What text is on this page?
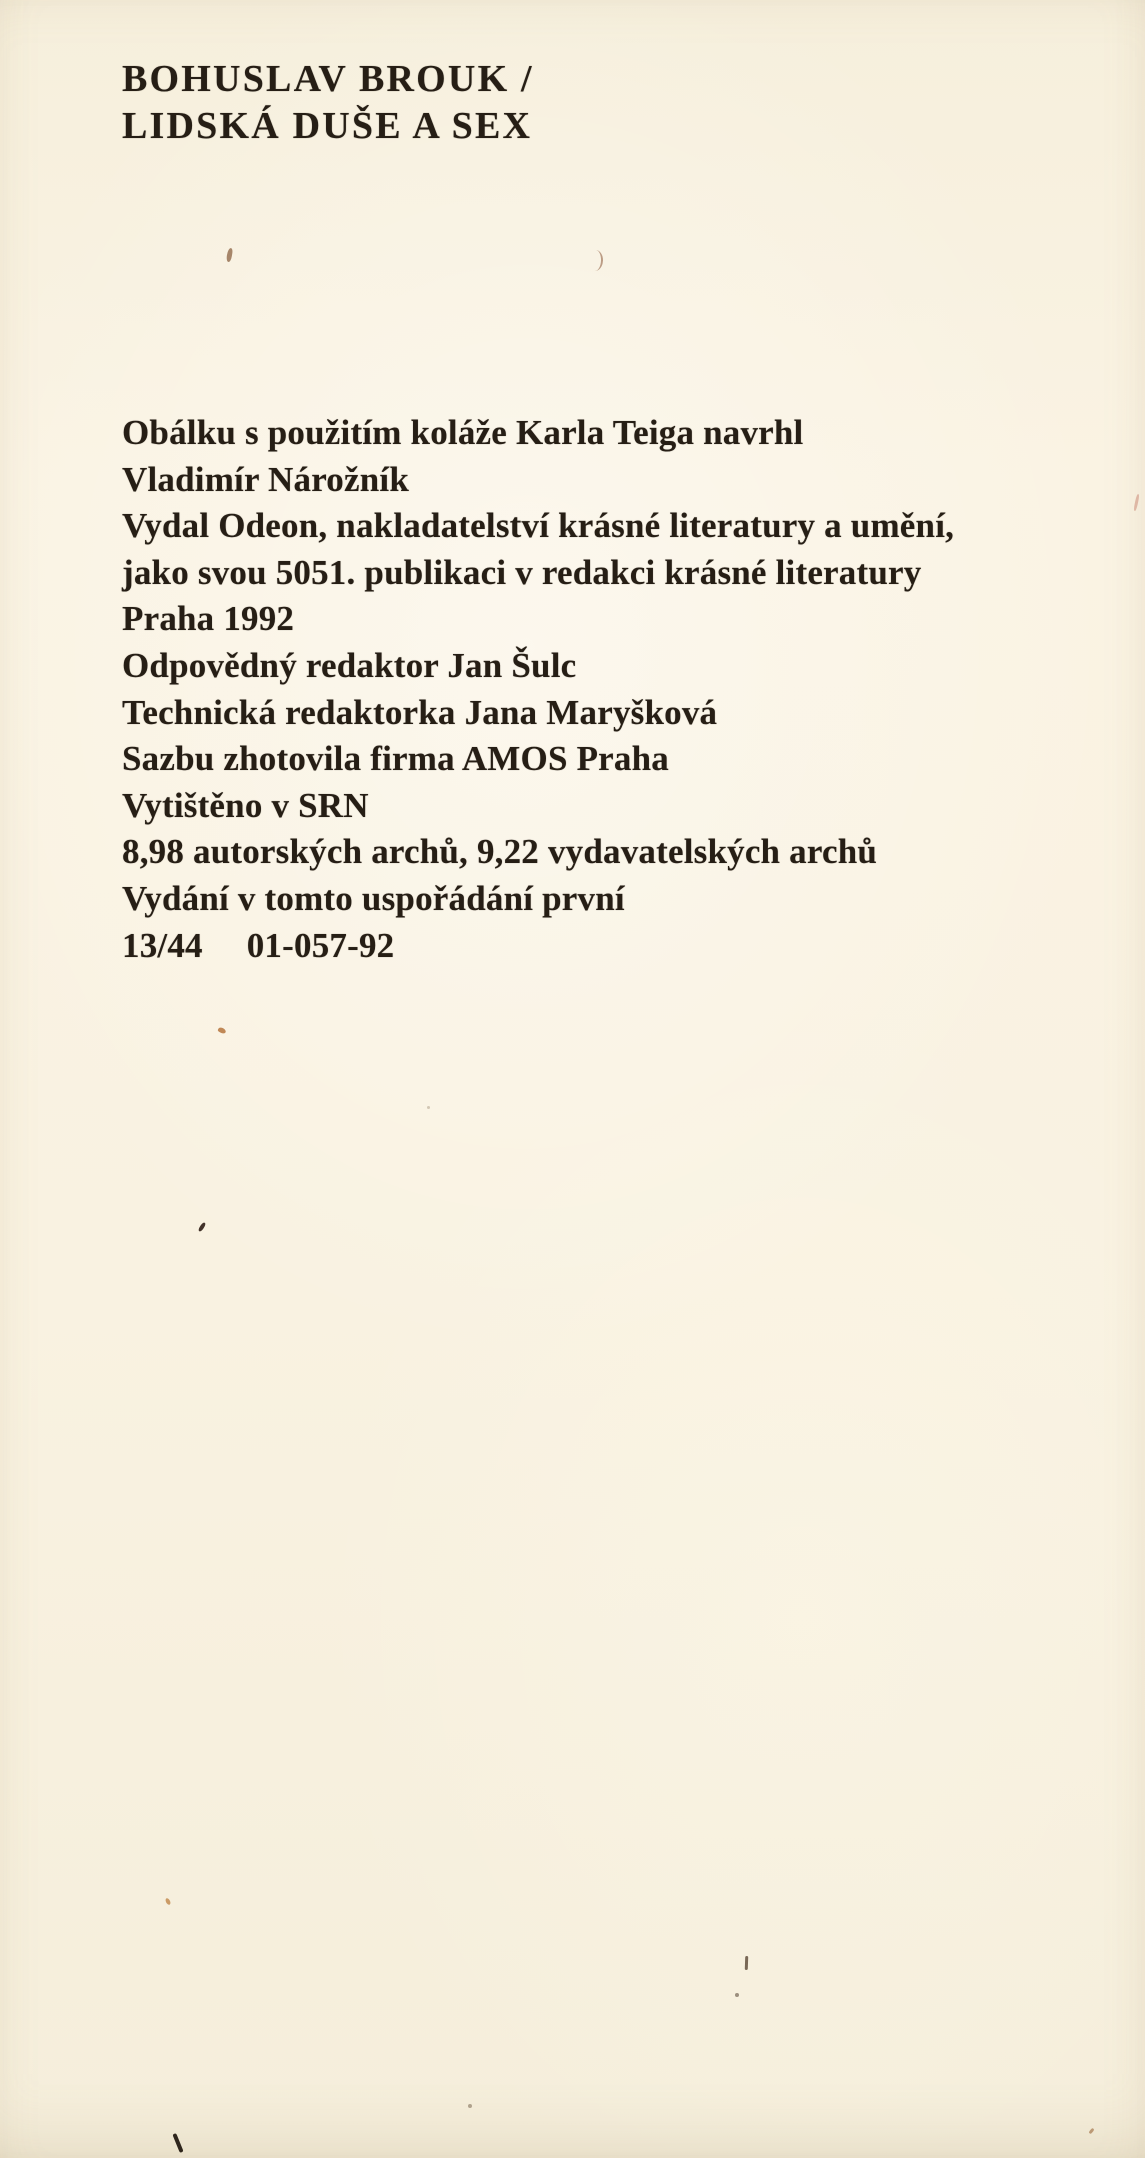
BOHUSLAV BROUK /
LIDSKÁ DUŠE A SEX
Obálku s použitím koláže Karla Teiga navrhl
Vladimír Nárožník
Vydal Odeon, nakladatelství krásné literatury a umění,
jako svou 5051. publikaci v redakci krásné literatury
Praha 1992
Odpovědný redaktor Jan Šulc
Technická redaktorka Jana Maryšková
Sazbu zhotovila firma AMOS Praha
Vytištěno v SRN
8,98 autorských archů, 9,22 vydavatelských archů
Vydání v tomto uspořádání první
13/44 01-057-92
